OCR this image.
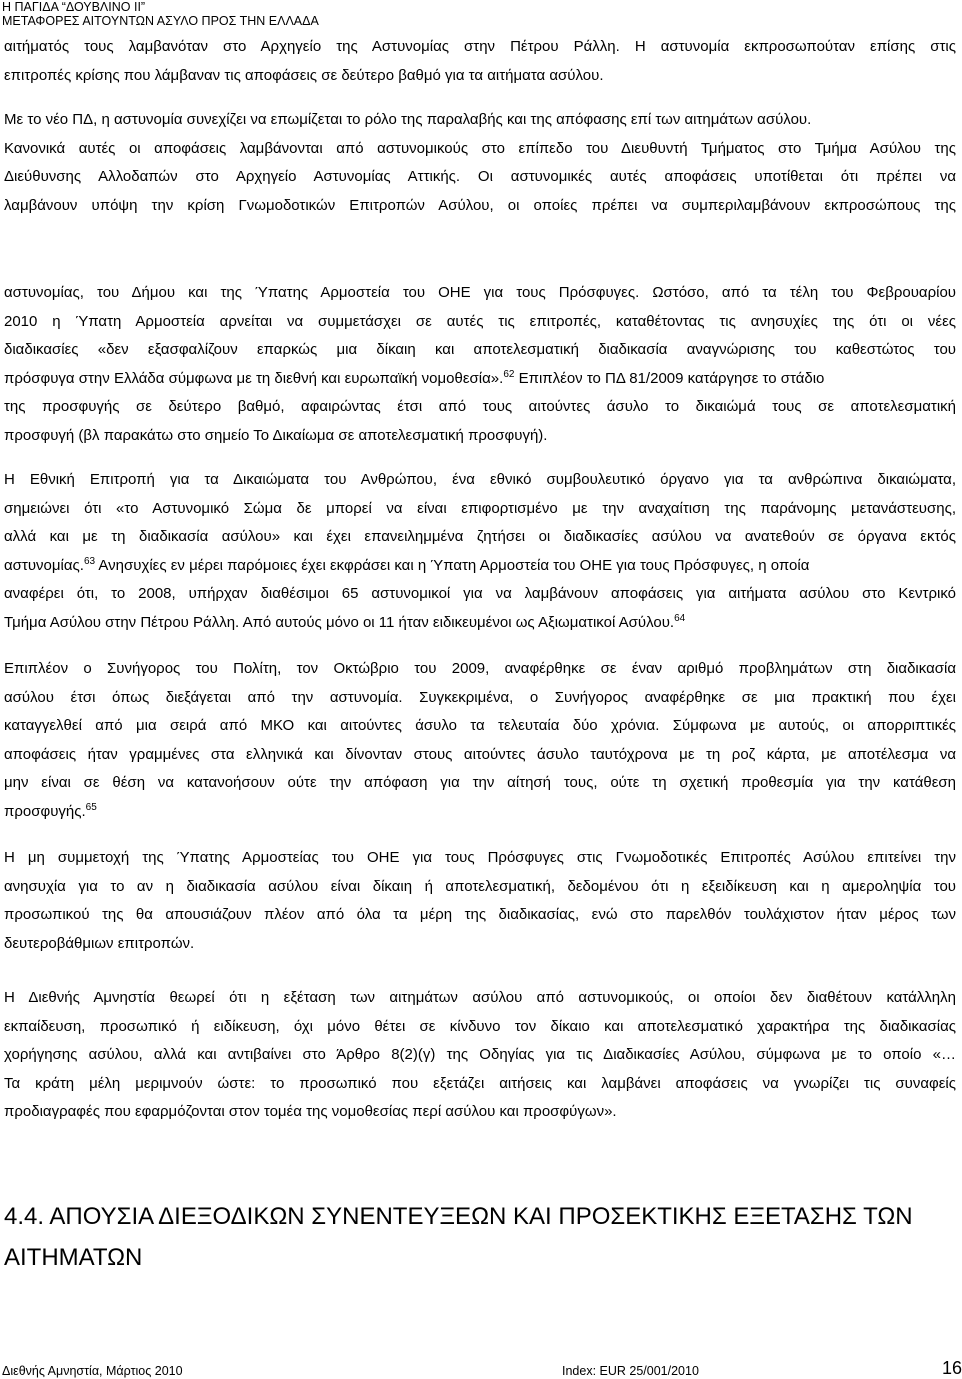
Η ΠΑΓΙΔΑ “ΔΟΥΒΛΙΝΟ ΙΙ”
ΜΕΤΑΦΟΡΕΣ ΑΙΤΟΥΝΤΩΝ ΑΣΥΛΟ ΠΡΟΣ ΤΗΝ ΕΛΛΑΔΑ
αιτήματός τους λαμβανόταν στο Αρχηγείο της Αστυνομίας στην Πέτρου Ράλλη. Η αστυνομία εκπροσωπούταν επίσης στις
επιτροπές κρίσης που λάμβαναν τις αποφάσεις σε δεύτερο βαθμό για τα αιτήματα ασύλου.
Με το νέο ΠΔ, η αστυνομία συνεχίζει να επωμίζεται το ρόλο της παραλαβής και της απόφασης επί των αιτημάτων ασύλου.
Κανονικά αυτές οι αποφάσεις λαμβάνονται από αστυνομικούς στο επίπεδο του Διευθυντή Τμήματος στο Τμήμα Ασύλου της
Διεύθυνσης Αλλοδαπών στο Αρχηγείο Αστυνομίας Αττικής. Οι αστυνομικές αυτές αποφάσεις υποτίθεται ότι πρέπει να
λαμβάνουν υπόψη την κρίση Γνωμοδοτικών Επιτροπών Ασύλου, οι οποίες πρέπει να συμπεριλαμβάνουν εκπροσώπους της
αστυνομίας, του Δήμου και της Ύπατης Αρμοστεία του ΟΗΕ για τους Πρόσφυγες. Ωστόσο, από τα τέλη του Φεβρουαρίου
2010 η Ύπατη Αρμοστεία αρνείται να συμμετάσχει σε αυτές τις επιτροπές, καταθέτοντας τις ανησυχίες της ότι οι νέες
διαδικασίες «δεν εξασφαλίζουν επαρκώς μια δίκαιη και αποτελεσματική διαδικασία αναγνώρισης του καθεστώτος του
πρόσφυγα στην Ελλάδα σύμφωνα με τη διεθνή και ευρωπαϊκή νομοθεσία».$^{62}$ Επιπλέον το ΠΔ 81/2009 κατάργησε το στάδιο
της προσφυγής σε δεύτερο βαθμό, αφαιρώντας έτσι από τους αιτούντες άσυλο το δικαιώμά τους σε αποτελεσματική
προσφυγή (βλ παρακάτω στο σημείο Το Δικαίωμα σε αποτελεσματική προσφυγή).
Η Εθνική Επιτροπή για τα Δικαιώματα του Ανθρώπου, ένα εθνικό συμβουλευτικό όργανο για τα ανθρώπινα δικαιώματα,
σημειώνει ότι «το Αστυνομικό Σώμα δε μπορεί να είναι επιφορτισμένο με την αναχαίτιση της παράνομης μετανάστευσης,
αλλά και με τη διαδικασία ασύλου» και έχει επανειλημμένα ζητήσει οι διαδικασίες ασύλου να ανατεθούν σε όργανα εκτός
αστυνομίας.$^{63}$ Ανησυχίες εν μέρει παρόμοιες έχει εκφράσει και η Ύπατη Αρμοστεία του ΟΗΕ για τους Πρόσφυγες, η οποία
αναφέρει ότι, το 2008, υπήρχαν διαθέσιμοι 65 αστυνομικοί για να λαμβάνουν αποφάσεις για αιτήματα ασύλου στο Κεντρικό
Τμήμα Ασύλου στην Πέτρου Ράλλη. Από αυτούς μόνο οι 11 ήταν ειδικευμένοι ως Αξιωματικοί Ασύλου.$^{64}$
Επιπλέον ο Συνήγορος του Πολίτη, τον Οκτώβριο του 2009, αναφέρθηκε σε έναν αριθμό προβλημάτων στη διαδικασία
ασύλου έτσι όπως διεξάγεται από την αστυνομία. Συγκεκριμένα, ο Συνήγορος αναφέρθηκε σε μια πρακτική που έχει
καταγγελθεί από μια σειρά από ΜΚΟ και αιτούντες άσυλο τα τελευταία δύο χρόνια. Σύμφωνα με αυτούς, οι απορριπτικές
αποφάσεις ήταν γραμμένες στα ελληνικά και δίνονταν στους αιτούντες άσυλο ταυτόχρονα με τη ροζ κάρτα, με αποτέλεσμα να
μην είναι σε θέση να κατανοήσουν ούτε την απόφαση για την αίτησή τους, ούτε τη σχετική προθεσμία για την κατάθεση
προσφυγής.$^{65}$
Η μη συμμετοχή της Ύπατης Αρμοστείας του ΟΗΕ για τους Πρόσφυγες στις Γνωμοδοτικές Επιτροπές Ασύλου επιτείνει την
ανησυχία για το αν η διαδικασία ασύλου είναι δίκαιη ή αποτελεσματική, δεδομένου ότι η εξειδίκευση και η αμεροληψία του
προσωπικού της θα απουσιάζουν πλέον από όλα τα μέρη της διαδικασίας, ενώ στο παρελθόν τουλάχιστον ήταν μέρος των
δευτεροβάθμιων επιτροπών.
Η Διεθνής Αμνηστία θεωρεί ότι η εξέταση των αιτημάτων ασύλου από αστυνομικούς, οι οποίοι δεν διαθέτουν κατάλληλη
εκπαίδευση, προσωπικό ή ειδίκευση, όχι μόνο θέτει σε κίνδυνο τον δίκαιο και αποτελεσματικό χαρακτήρα της διαδικασίας
χορήγησης ασύλου, αλλά και αντιβαίνει στο Άρθρο 8(2)(γ) της Οδηγίας για τις Διαδικασίες Ασύλου, σύμφωνα με το οποίο «…
Τα κράτη μέλη μεριμνούν ώστε: το προσωπικό που εξετάζει αιτήσεις και λαμβάνει αποφάσεις να γνωρίζει τις συναφείς
προδιαγραφές που εφαρμόζονται στον τομέα της νομοθεσίας περί ασύλου και προσφύγων».
4.4. ΑΠΟΥΣΙΑ ΔΙΕΞΟΔΙΚΩΝ ΣΥΝΕΝΤΕΥΞΕΩΝ ΚΑΙ ΠΡΟΣΕΚΤΙΚΗΣ ΕΞΕΤΑΣΗΣ ΤΩΝ
ΑΙΤΗΜΑΤΩΝ
Διεθνής Αμνηστία, Μάρτιος 2010	Index: EUR 25/001/2010	16
